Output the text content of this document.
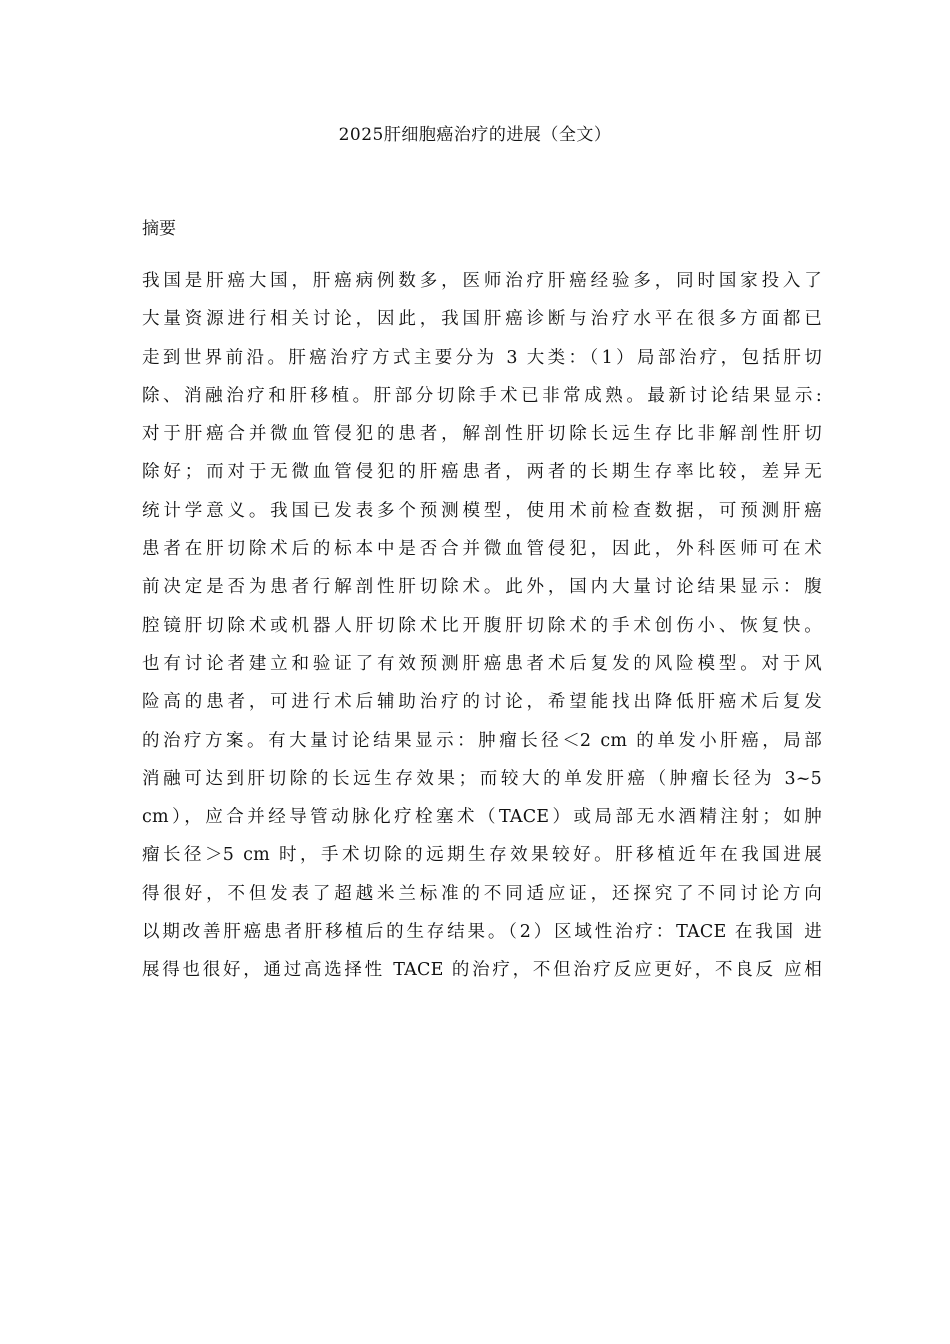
2025肝细胞癌治疗的进展（全文）
摘要
我国是肝癌大国，肝癌病例数多，医师治疗肝癌经验多，同时国家投入了
大量资源进行相关讨论，因此，我国肝癌诊断与治疗水平在很多方面都已
走到世界前沿。肝癌治疗方式主要分为 3 大类：（1）局部治疗，包括肝切
除、消融治疗和肝移植。肝部分切除手术已非常成熟。最新讨论结果显示:
对于肝癌合并微血管侵犯的患者，解剖性肝切除长远生存比非解剖性肝切
除好；而对于无微血管侵犯的肝癌患者，两者的长期生存率比较，差异无
统计学意义。我国已发表多个预测模型，使用术前检查数据，可预测肝癌
患者在肝切除术后的标本中是否合并微血管侵犯，因此，外科医师可在术
前决定是否为患者行解剖性肝切除术。此外，国内大量讨论结果显示：腹
腔镜肝切除术或机器人肝切除术比开腹肝切除术的手术创伤小、恢复快。
也有讨论者建立和验证了有效预测肝癌患者术后复发的风险模型。对于风
险高的患者，可进行术后辅助治疗的讨论，希望能找出降低肝癌术后复发
的治疗方案。有大量讨论结果显示：肿瘤长径＜2 cm 的单发小肝癌，局部
消融可达到肝切除的长远生存效果；而较大的单发肝癌（肿瘤长径为 3~5
cm），应合并经导管动脉化疗栓塞术（TACE）或局部无水酒精注射；如肿
瘤长径＞5 cm 时，手术切除的远期生存效果较好。肝移植近年在我国进展
得很好，不但发表了超越米兰标准的不同适应证，还探究了不同讨论方向
以期改善肝癌患者肝移植后的生存结果。（2）区域性治疗：TACE 在我国 进
展得也很好，通过高选择性 TACE 的治疗，不但治疗反应更好，不良反 应相
